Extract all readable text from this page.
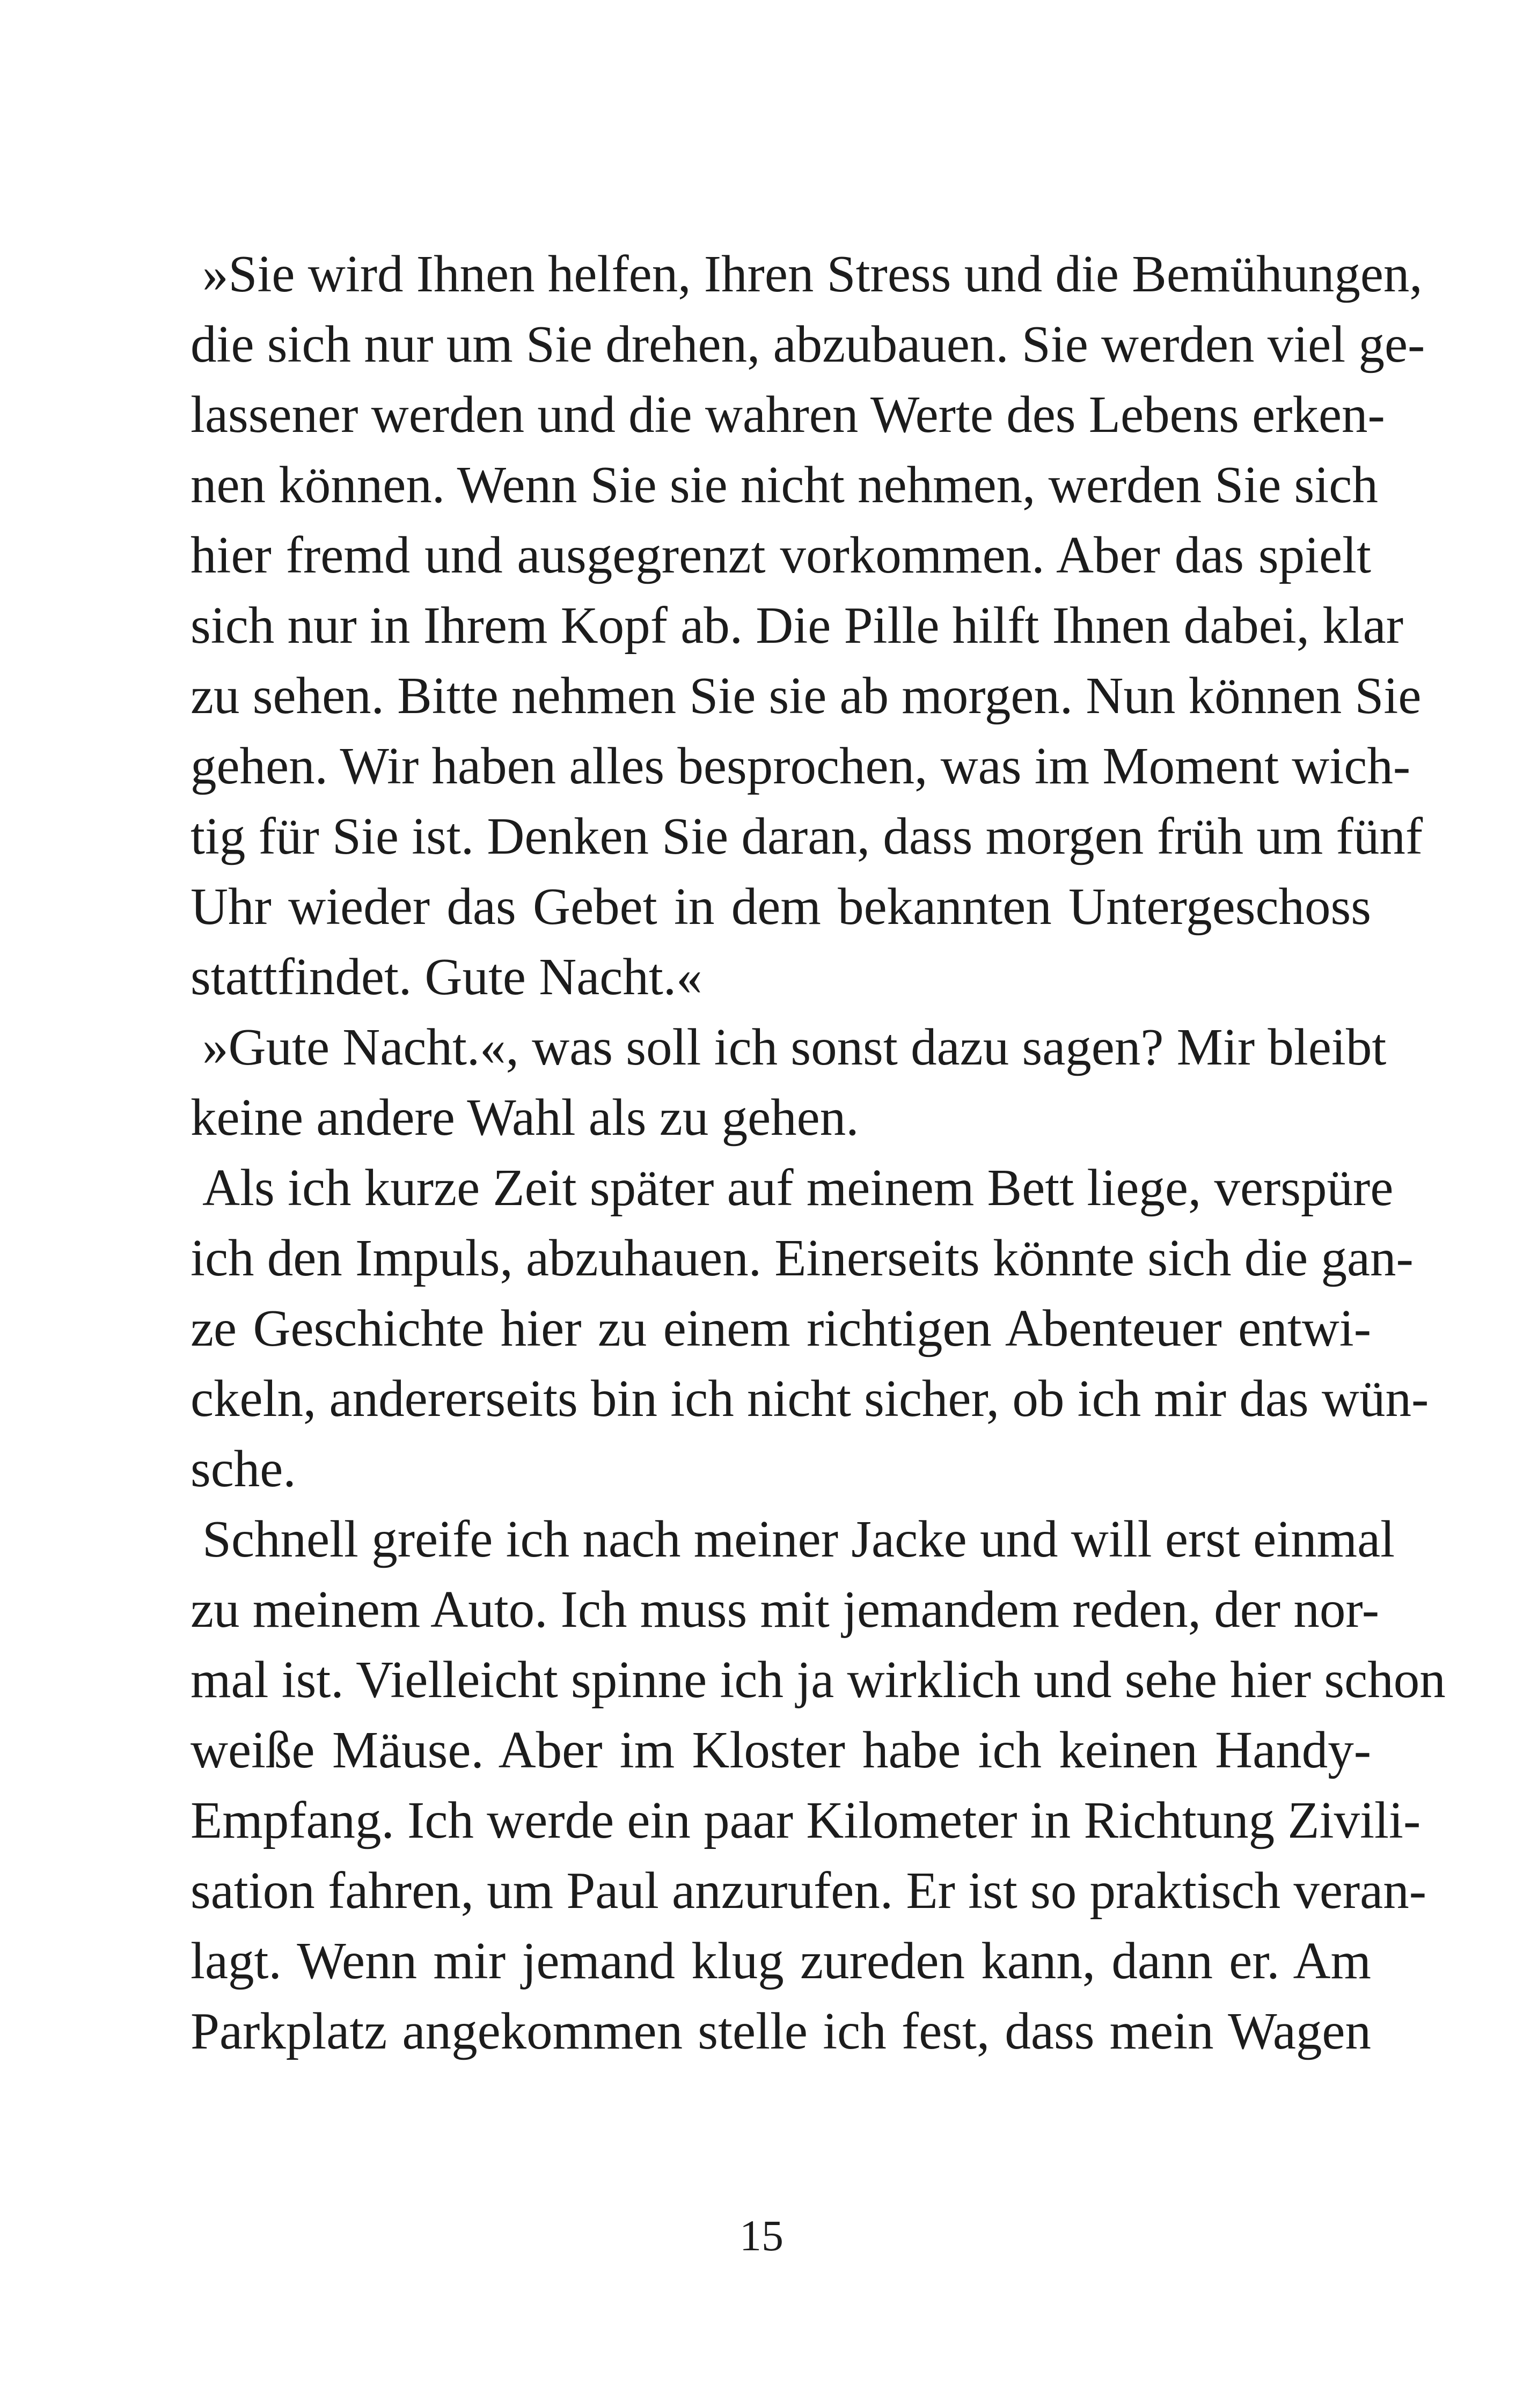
»Sie wird Ihnen helfen, Ihren Stress und die Bemühungen,
die sich nur um Sie drehen, abzubauen. Sie werden viel ge-
lassener werden und die wahren Werte des Lebens erken-
nen können. Wenn Sie sie nicht nehmen, werden Sie sich
hier fremd und ausgegrenzt vorkommen. Aber das spielt
sich nur in Ihrem Kopf ab. Die Pille hilft Ihnen dabei, klar
zu sehen. Bitte nehmen Sie sie ab morgen. Nun können Sie
gehen. Wir haben alles besprochen, was im Moment wich-
tig für Sie ist. Denken Sie daran, dass morgen früh um fünf
Uhr wieder das Gebet in dem bekannten Untergeschoss
stattfindet. Gute Nacht.«
»Gute Nacht.«, was soll ich sonst dazu sagen? Mir bleibt
keine andere Wahl als zu gehen.
Als ich kurze Zeit später auf meinem Bett liege, verspüre
ich den Impuls, abzuhauen. Einerseits könnte sich die gan-
ze Geschichte hier zu einem richtigen Abenteuer entwi-
ckeln, andererseits bin ich nicht sicher, ob ich mir das wün-
sche.
Schnell greife ich nach meiner Jacke und will erst einmal
zu meinem Auto. Ich muss mit jemandem reden, der nor-
mal ist. Vielleicht spinne ich ja wirklich und sehe hier schon
weiße Mäuse. Aber im Kloster habe ich keinen Handy-
Empfang. Ich werde ein paar Kilometer in Richtung Zivili-
sation fahren, um Paul anzurufen. Er ist so praktisch veran-
lagt. Wenn mir jemand klug zureden kann, dann er. Am
Parkplatz angekommen stelle ich fest, dass mein Wagen
15
